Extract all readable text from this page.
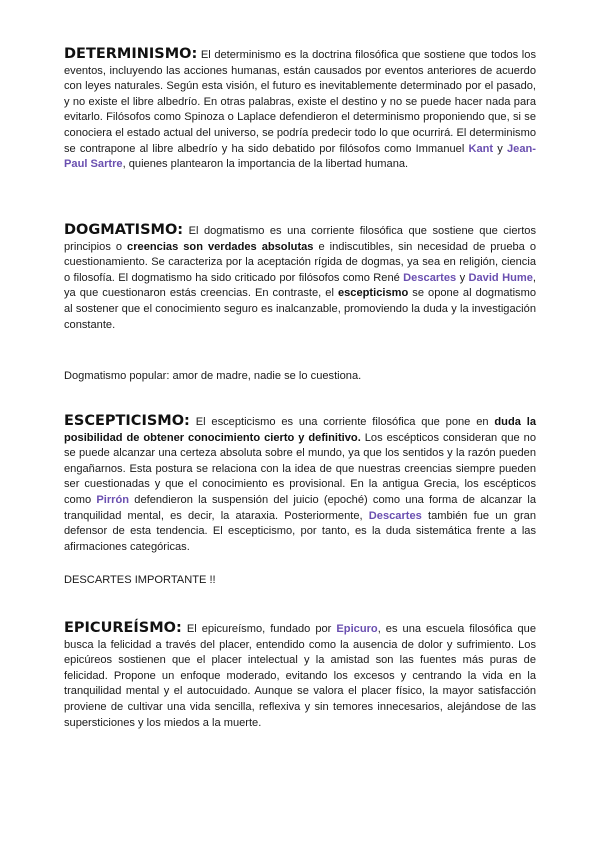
DETERMINISMO: El determinismo es la doctrina filosófica que sostiene que todos los eventos, incluyendo las acciones humanas, están causados por eventos anteriores de acuerdo con leyes naturales. Según esta visión, el futuro es inevitablemente determinado por el pasado, y no existe el libre albedrío. En otras palabras, existe el destino y no se puede hacer nada para evitarlo. Filósofos como Spinoza o Laplace defendieron el determinismo proponiendo que, si se conociera el estado actual del universo, se podría predecir todo lo que ocurrirá. El determinismo se contrapone al libre albedrío y ha sido debatido por filósofos como Immanuel Kant y Jean-Paul Sartre, quienes plantearon la importancia de la libertad humana.

DOGMATISMO: El dogmatismo es una corriente filosófica que sostiene que ciertos principios o creencias son verdades absolutas e indiscutibles, sin necesidad de prueba o cuestionamiento. Se caracteriza por la aceptación rígida de dogmas, ya sea en religión, ciencia o filosofía. El dogmatismo ha sido criticado por filósofos como René Descartes y David Hume, ya que cuestionaron estás creencias. En contraste, el escepticismo se opone al dogmatismo al sostener que el conocimiento seguro es inalcanzable, promoviendo la duda y la investigación constante.

Dogmatismo popular: amor de madre, nadie se lo cuestiona.

ESCEPTICISMO: El escepticismo es una corriente filosófica que pone en duda la posibilidad de obtener conocimiento cierto y definitivo. Los escépticos consideran que no se puede alcanzar una certeza absoluta sobre el mundo, ya que los sentidos y la razón pueden engañarnos. Esta postura se relaciona con la idea de que nuestras creencias siempre pueden ser cuestionadas y que el conocimiento es provisional. En la antigua Grecia, los escépticos como Pirrón defendieron la suspensión del juicio (epoché) como una forma de alcanzar la tranquilidad mental, es decir, la ataraxia. Posteriormente, Descartes también fue un gran defensor de esta tendencia. El escepticismo, por tanto, es la duda sistemática frente a las afirmaciones categóricas.

DESCARTES IMPORTANTE !!

EPICUREÍSMO: El epicureísmo, fundado por Epicuro, es una escuela filosófica que busca la felicidad a través del placer, entendido como la ausencia de dolor y sufrimiento. Los epicúreos sostienen que el placer intelectual y la amistad son las fuentes más puras de felicidad. Propone un enfoque moderado, evitando los excesos y centrando la vida en la tranquilidad mental y el autocuidado. Aunque se valora el placer físico, la mayor satisfacción proviene de cultivar una vida sencilla, reflexiva y sin temores innecesarios, alejándose de las supersticiones y los miedos a la muerte.
